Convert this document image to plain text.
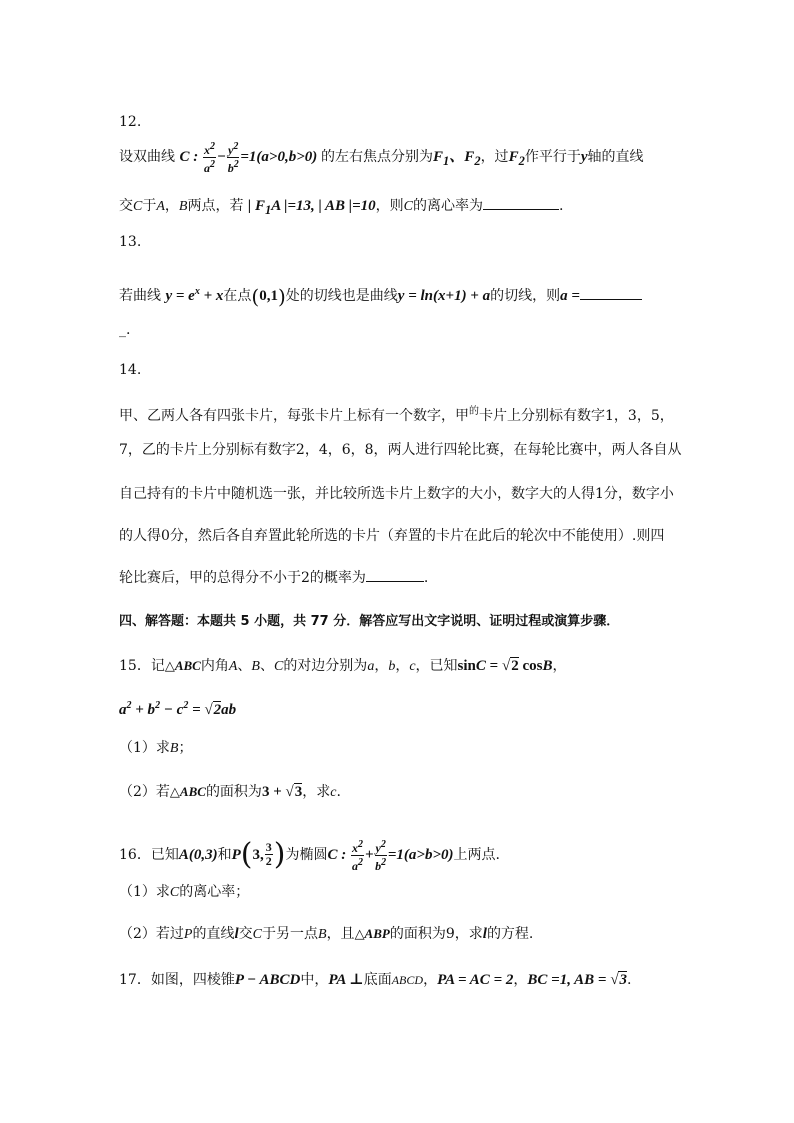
12.
设双曲线 C : $\frac{x^2}{a^2} - \frac{y^2}{b^2} =1(a>0,b>0)$ 的左右焦点分别为$F_1$、$F_2$，过$F_2$作平行于y轴的直线
交C于A，B两点，若 | $F_1A$ |=13, | AB |=10，则C的离心率为	.
13.
若曲线 $y = e^x + x$在点(0,1)处的切线也是曲线y = ln(x+1) + a的切线，则a =
_.
14.
甲、乙两人各有四张卡片，每张卡片上标有一个数字，甲$^的$卡片上分别标有数字1，3，5，
7，乙的卡片上分别标有数字2，4，6，8，两人进行四轮比赛，在每轮比赛中，两人各自从
自己持有的卡片中随机选一张，并比较所选卡片上数字的大小，数字大的人得1分，数字小
的人得0分，然后各自弃置此轮所选的卡片（弃置的卡片在此后的轮次中不能使用）.则四
轮比赛后，甲的总得分不小于2的概率为	.
四、解答题：本题共 5 小题，共 77 分．解答应写出文字说明、证明过程或演算步骤．
15．记△ABC内角A、B、C的对边分别为a，b，c，已知sinC = √2 cosB，
$a^2 + b^2 - c^2 = √2ab$
（1）求B；
（2）若△ABC的面积为3 + √3，求c.
16．已知A(0,3)和P(3, $\frac{3}{2}$ )为椭圆C : $\frac{x^2}{a^2} + \frac{y^2}{b^2} =1(a>b>0)$上两点.
（1）求C的离心率；
（2）若过P的直线l交C于另一点B，且△ABP的面积为9，求l的方程.
17．如图，四棱锥P − ABCD中，PA ⊥底面ABCD，PA = AC = 2，BC =1, AB = √3.
